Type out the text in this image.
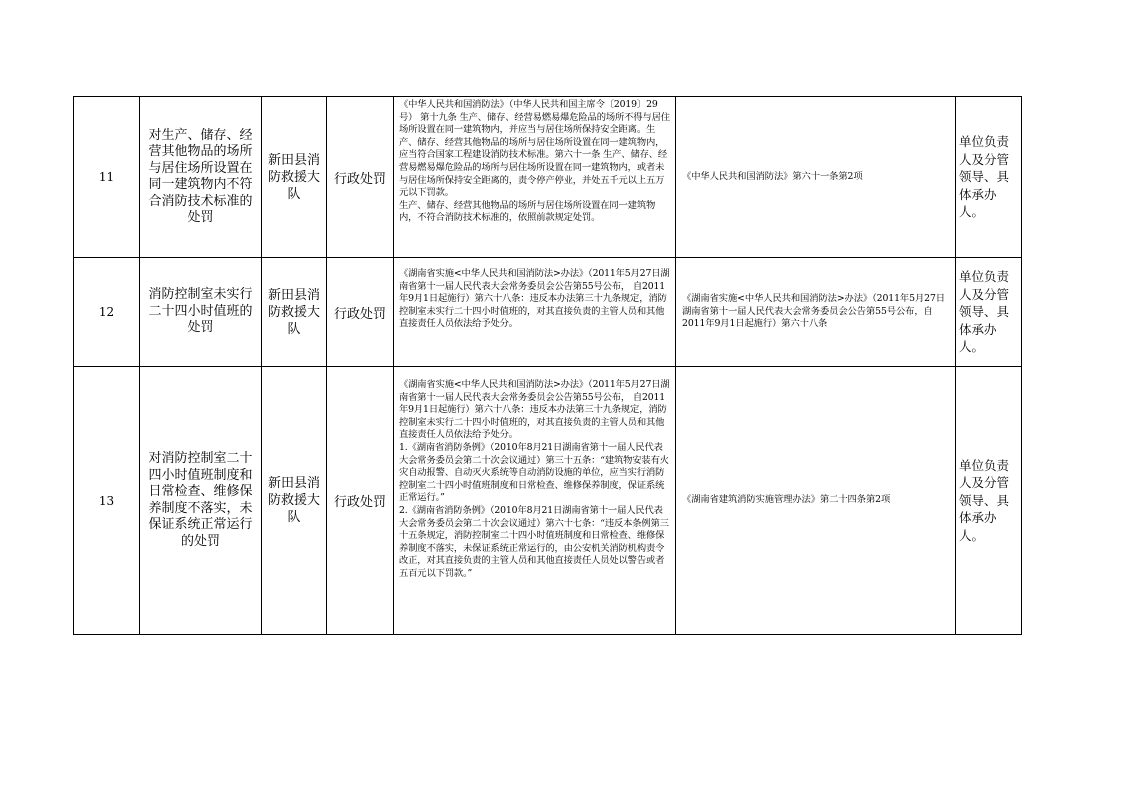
11	对生产、储存、经营其他物品的场所与居住场所设置在同一建筑物内不符合消防技术标准的处罚	新田县消防救援大队	行政处罚	《中华人民共和国消防法》（中华人民共和国主席令〔2019〕29号） 第十九条 生产、储存、经营易燃易爆危险品的场所不得与居住场所设置在同一建筑物内，并应当与居住场所保持安全距离。生产、储存、经营其他物品的场所与居住场所设置在同一建筑物内，应当符合国家工程建设消防技术标准。第六十一条 生产、储存、经营易燃易爆危险品的场所与居住场所设置在同一建筑物内，或者未与居住场所保持安全距离的，责令停产停业，并处五千元以上五万元以下罚款。
生产、储存、经营其他物品的场所与居住场所设置在同一建筑物内，不符合消防技术标准的，依照前款规定处罚。	《中华人民共和国消防法》第六十一条第2项	单位负责人及分管领导、具体承办人。
12	消防控制室未实行二十四小时值班的处罚	新田县消防救援大队	行政处罚	《湖南省实施<中华人民共和国消防法>办法》（2011年5月27日湖南省第十一届人民代表大会常务委员会公告第55号公布， 自2011年9月1日起施行）第六十八条：违反本办法第三十九条规定，消防控制室未实行二十四小时值班的，对其直接负责的主管人员和其他直接责任人员依法给予处分。	《湖南省实施<中华人民共和国消防法>办法》（2011年5月27日湖南省第十一届人民代表大会常务委员会公告第55号公布，自2011年9月1日起施行）第六十八条	单位负责人及分管领导、具体承办人。
13	对消防控制室二十四小时值班制度和日常检查、维修保养制度不落实，未保证系统正常运行的处罚	新田县消防救援大队	行政处罚	《湖南省实施<中华人民共和国消防法>办法》（2011年5月27日湖南省第十一届人民代表大会常务委员会公告第55号公布， 自2011年9月1日起施行）第六十八条：违反本办法第三十九条规定，消防控制室未实行二十四小时值班的，对其直接负责的主管人员和其他直接责任人员依法给予处分。
1.《湖南省消防条例》（2010年8月21日湖南省第十一届人民代表大会常务委员会第二十次会议通过）第三十五条：“建筑物安装有火灾自动报警、自动灭火系统等自动消防设施的单位，应当实行消防控制室二十四小时值班制度和日常检查、维修保养制度，保证系统正常运行。”
2.《湖南省消防条例》（2010年8月21日湖南省第十一届人民代表大会常务委员会第二十次会议通过）第六十七条：“违反本条例第三十五条规定，消防控制室二十四小时值班制度和日常检查、维修保养制度不落实，未保证系统正常运行的，由公安机关消防机构责令改正，对其直接负责的主管人员和其他直接责任人员处以警告或者五百元以下罚款。”	《湖南省建筑消防实施管理办法》第二十四条第2项	单位负责人及分管领导、具体承办人。
